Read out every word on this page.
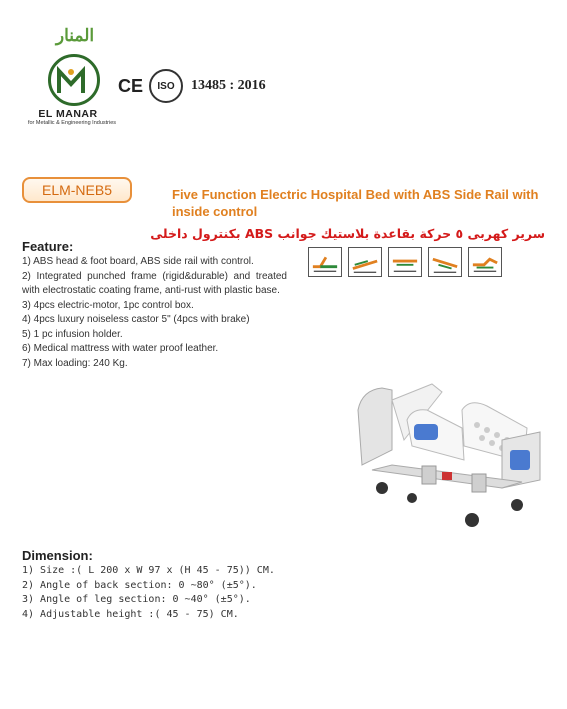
المنار
EL MANAR
for Metallic & Engineering Industries
CE	ISO	13485 : 2016
ELM-NEB5	Five Function Electric Hospital Bed with ABS Side Rail with inside control
سرير كهربى ٥ حركة بقاعدة بلاستيك جوانب ABS بكنترول داخلى
Feature:
1) ABS head & foot board, ABS side rail with control.
2) Integrated punched frame (rigid&durable) and treated with electrostatic coating frame, anti-rust with plastic base.
3) 4pcs electric-motor, 1pc control box.
4) 4pcs luxury noiseless castor 5" (4pcs with brake)
5) 1 pc infusion holder.
6) Medical mattress with water proof leather.
7) Max loading: 240 Kg.
Dimension:
1) Size :( L 200 x W 97 x (H 45 - 75)) CM.
2) Angle of back section: 0 ~80° (±5°).
3) Angle of leg section: 0 ~40° (±5°).
4) Adjustable height :( 45 - 75) CM.
